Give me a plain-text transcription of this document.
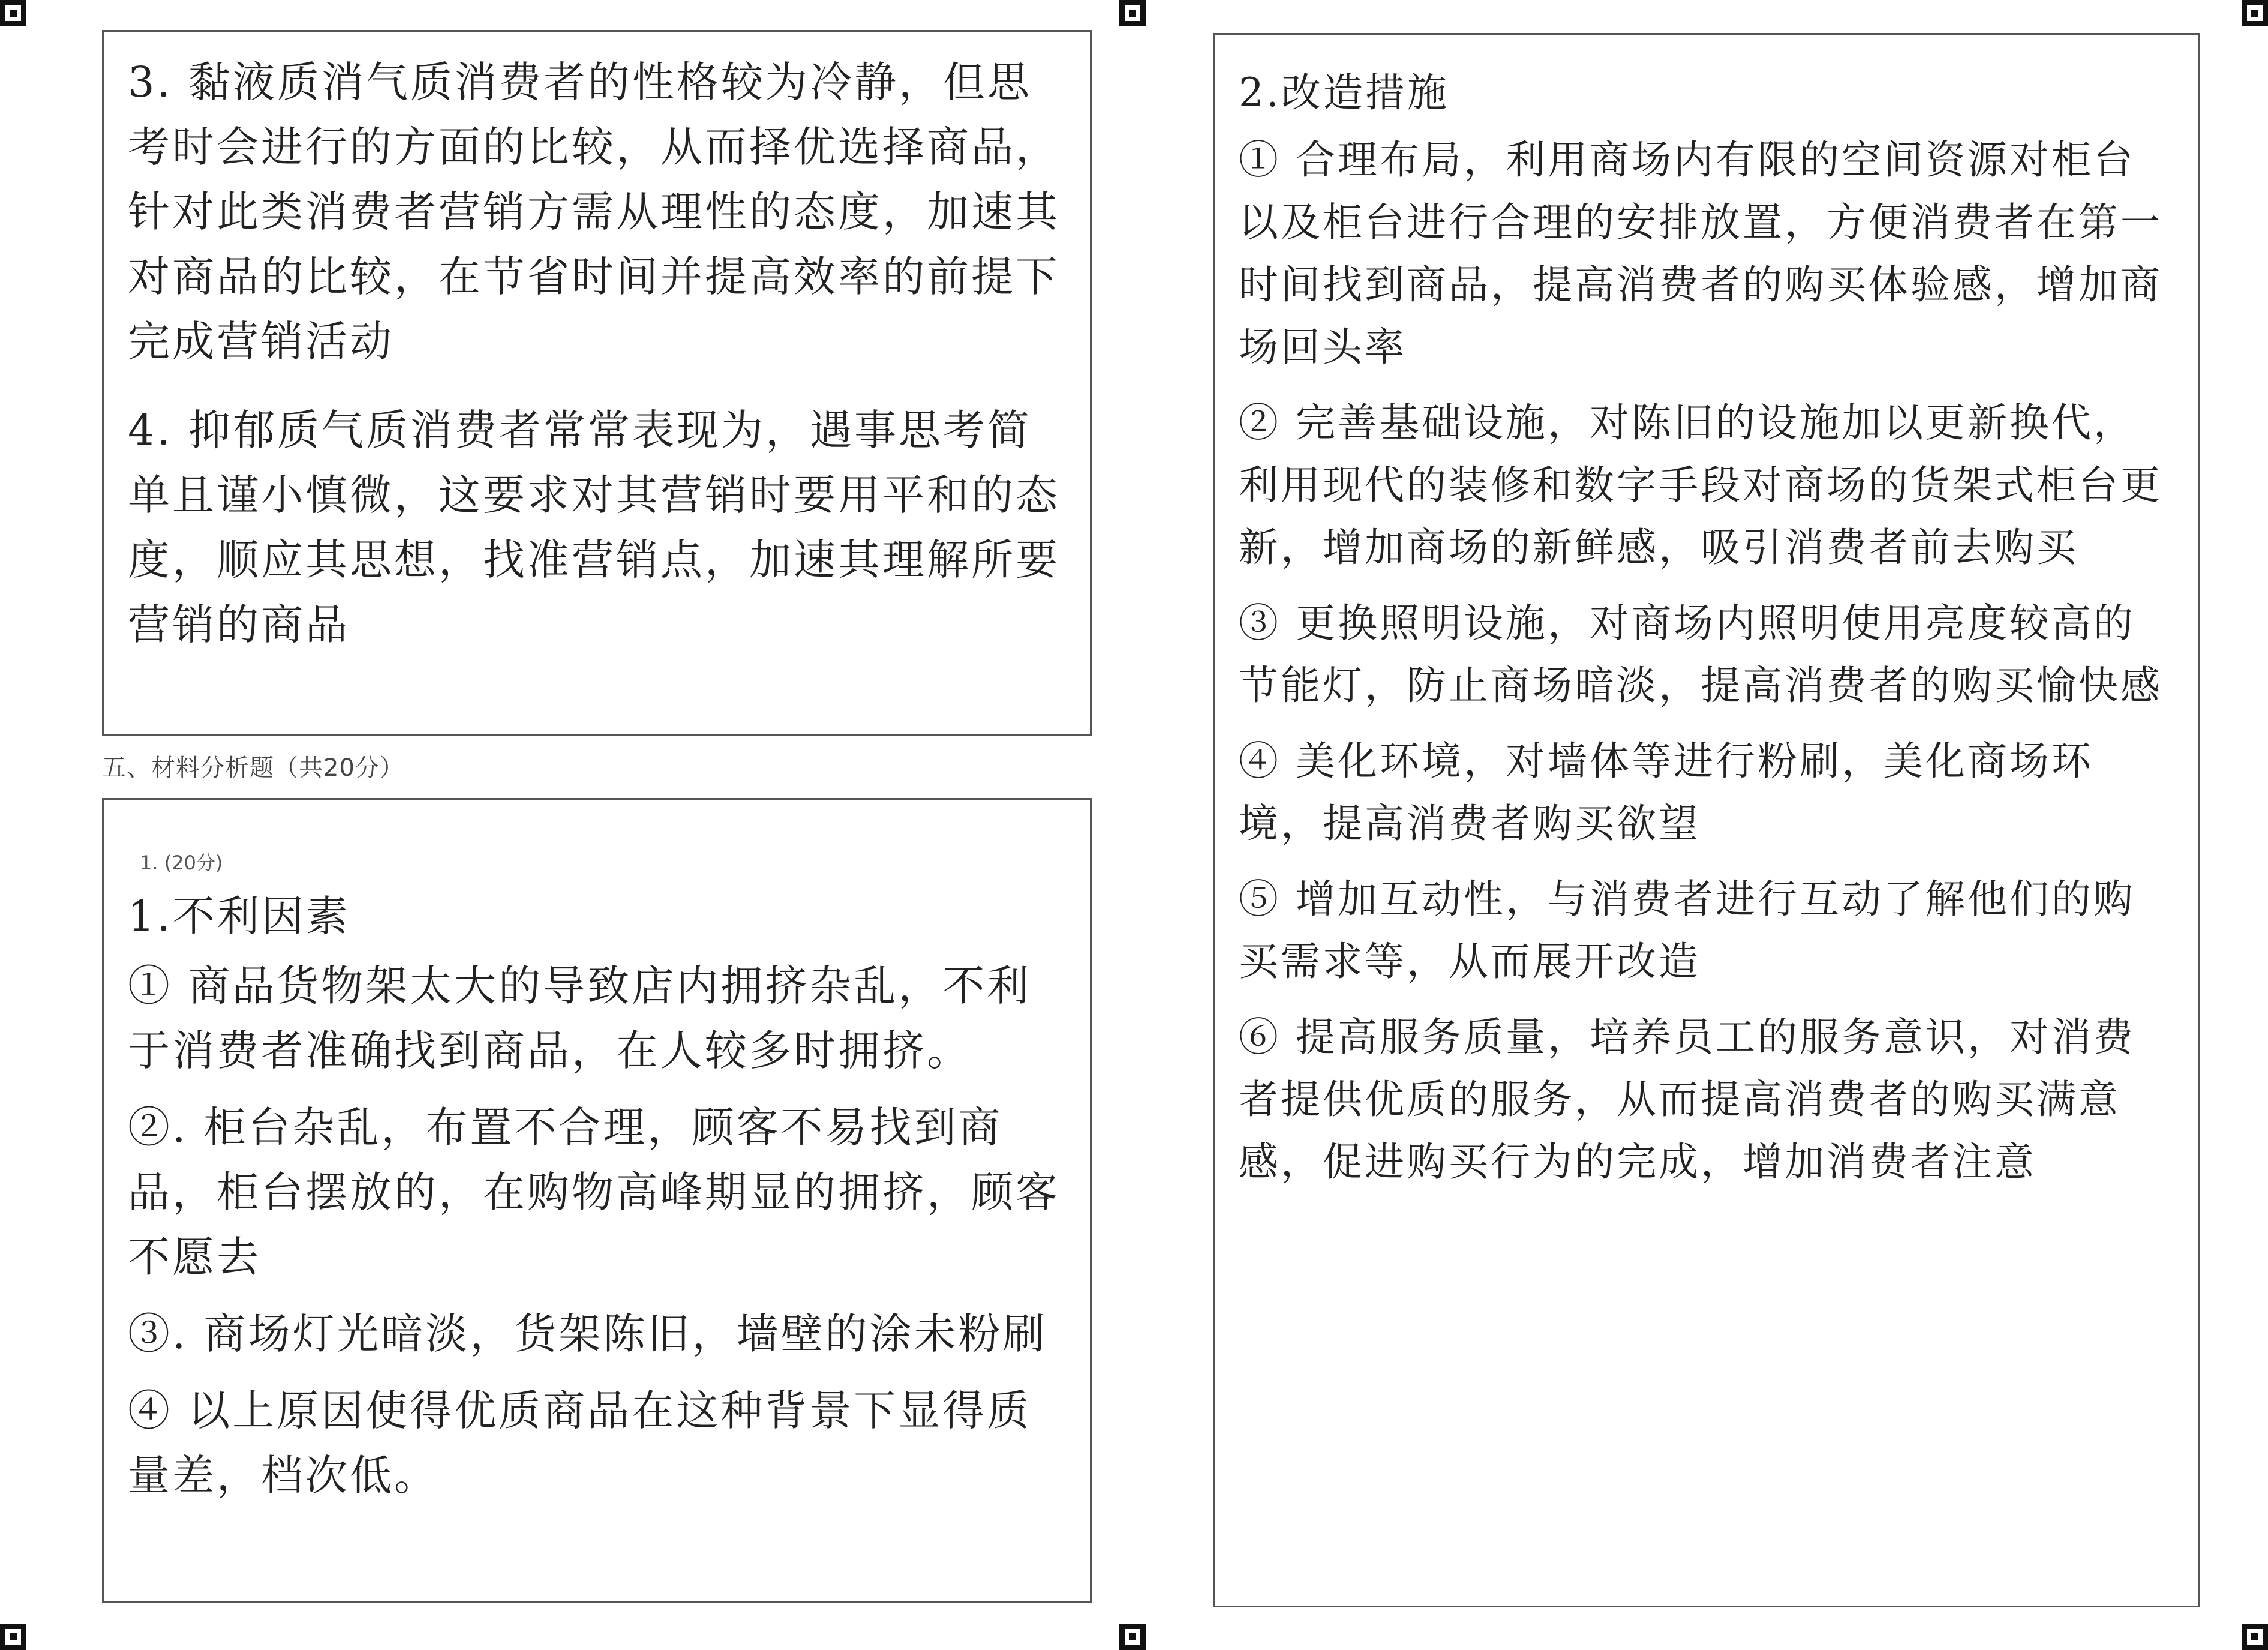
3. 黏液质消气质消费者的性格较为冷静，但思考时会进行的方面的比较，从而择优选择商品，针对此类消费者营销方需从理性的态度，加速其对商品的比较，在节省时间并提高效率的前提下完成营销活动

4. 抑郁质气质消费者常常表现为，遇事思考简单且谨小慎微，这要求对其营销时要用平和的态度，顺应其思想，找准营销点，加速其理解所要营销的商品

五、材料分析题（共20分）
1. (20分)

1.不利因素

① 商品货物架太大的导致店内拥挤杂乱，不利于消费者准确找到商品，在人较多时拥挤。

②. 柜台杂乱，布置不合理，顾客不易找到商品，柜台摆放的，在购物高峰期显的拥挤，顾客不愿去

③. 商场灯光暗淡，货架陈旧，墙壁的涂未粉刷

④ 以上原因使得优质商品在这种背景下显得质量差，档次低。

2.改造措施

① 合理布局，利用商场内有限的空间资源对柜台以及柜台进行合理的安排放置，方便消费者在第一时间找到商品，提高消费者的购买体验感，增加商场回头率

② 完善基础设施，对陈旧的设施加以更新换代，利用现代的装修和数字手段对商场的货架式柜台更新，增加商场的新鲜感，吸引消费者前去购买

③ 更换照明设施，对商场内照明使用亮度较高的节能灯，防止商场暗淡，提高消费者的购买愉快感

④ 美化环境，对墙体等进行粉刷，美化商场环境，提高消费者购买欲望

⑤ 增加互动性，与消费者进行互动了解他们的购买需求等，从而展开改造

⑥ 提高服务质量，培养员工的服务意识，对消费者提供优质的服务，从而提高消费者的购买满意感，促进购买行为的完成，增加消费者注意
